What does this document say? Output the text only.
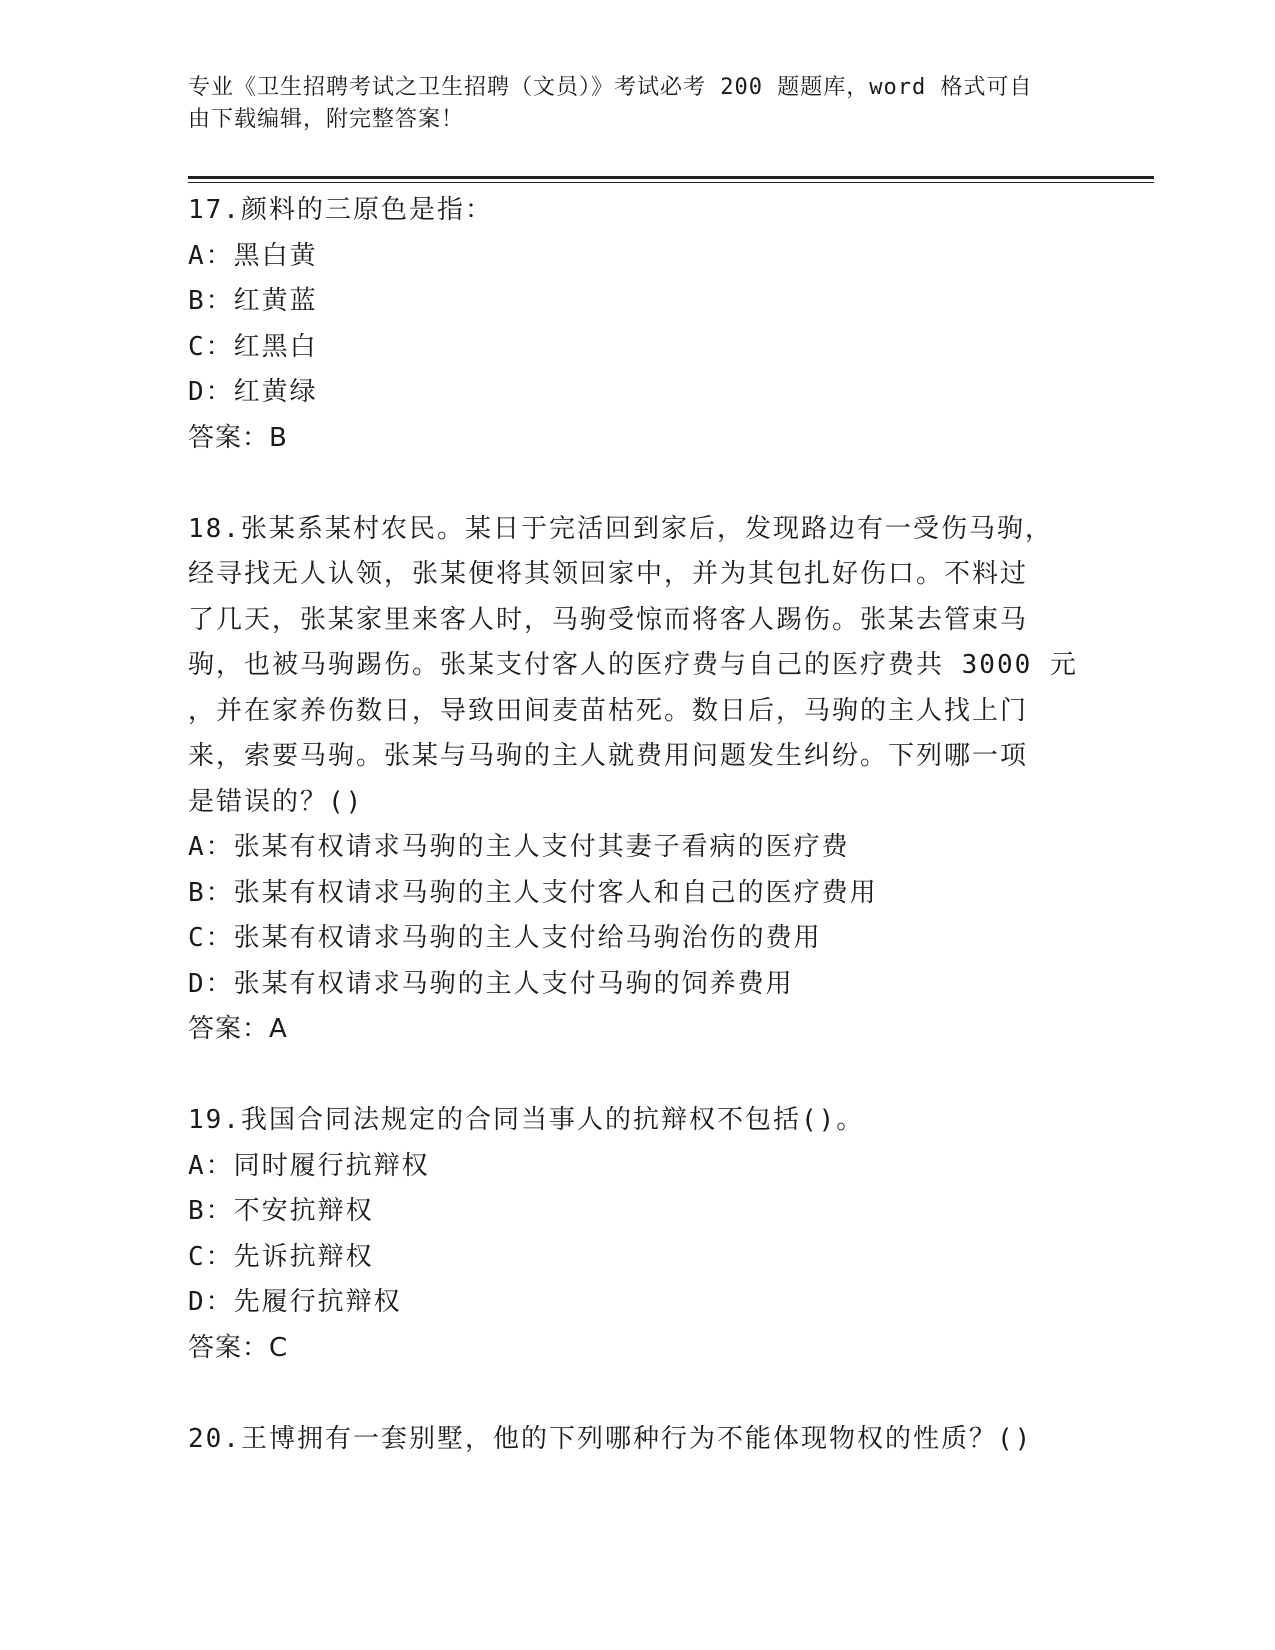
专业《卫生招聘考试之卫生招聘（文员）》考试必考 200 题题库，word 格式可自
由下载编辑，附完整答案！
17.颜料的三原色是指：
A：黑白黄
B：红黄蓝
C：红黑白
D：红黄绿
答案：B
18.张某系某村农民。某日于完活回到家后，发现路边有一受伤马驹，
经寻找无人认领，张某便将其领回家中，并为其包扎好伤口。不料过
了几天，张某家里来客人时，马驹受惊而将客人踢伤。张某去管束马
驹，也被马驹踢伤。张某支付客人的医疗费与自己的医疗费共 3000 元
，并在家养伤数日，导致田间麦苗枯死。数日后，马驹的主人找上门
来，索要马驹。张某与马驹的主人就费用问题发生纠纷。下列哪一项
是错误的？()
A：张某有权请求马驹的主人支付其妻子看病的医疗费
B：张某有权请求马驹的主人支付客人和自己的医疗费用
C：张某有权请求马驹的主人支付给马驹治伤的费用
D：张某有权请求马驹的主人支付马驹的饲养费用
答案：A
19.我国合同法规定的合同当事人的抗辩权不包括()。
A：同时履行抗辩权
B：不安抗辩权
C：先诉抗辩权
D：先履行抗辩权
答案：C
20.王博拥有一套别墅，他的下列哪种行为不能体现物权的性质？()
